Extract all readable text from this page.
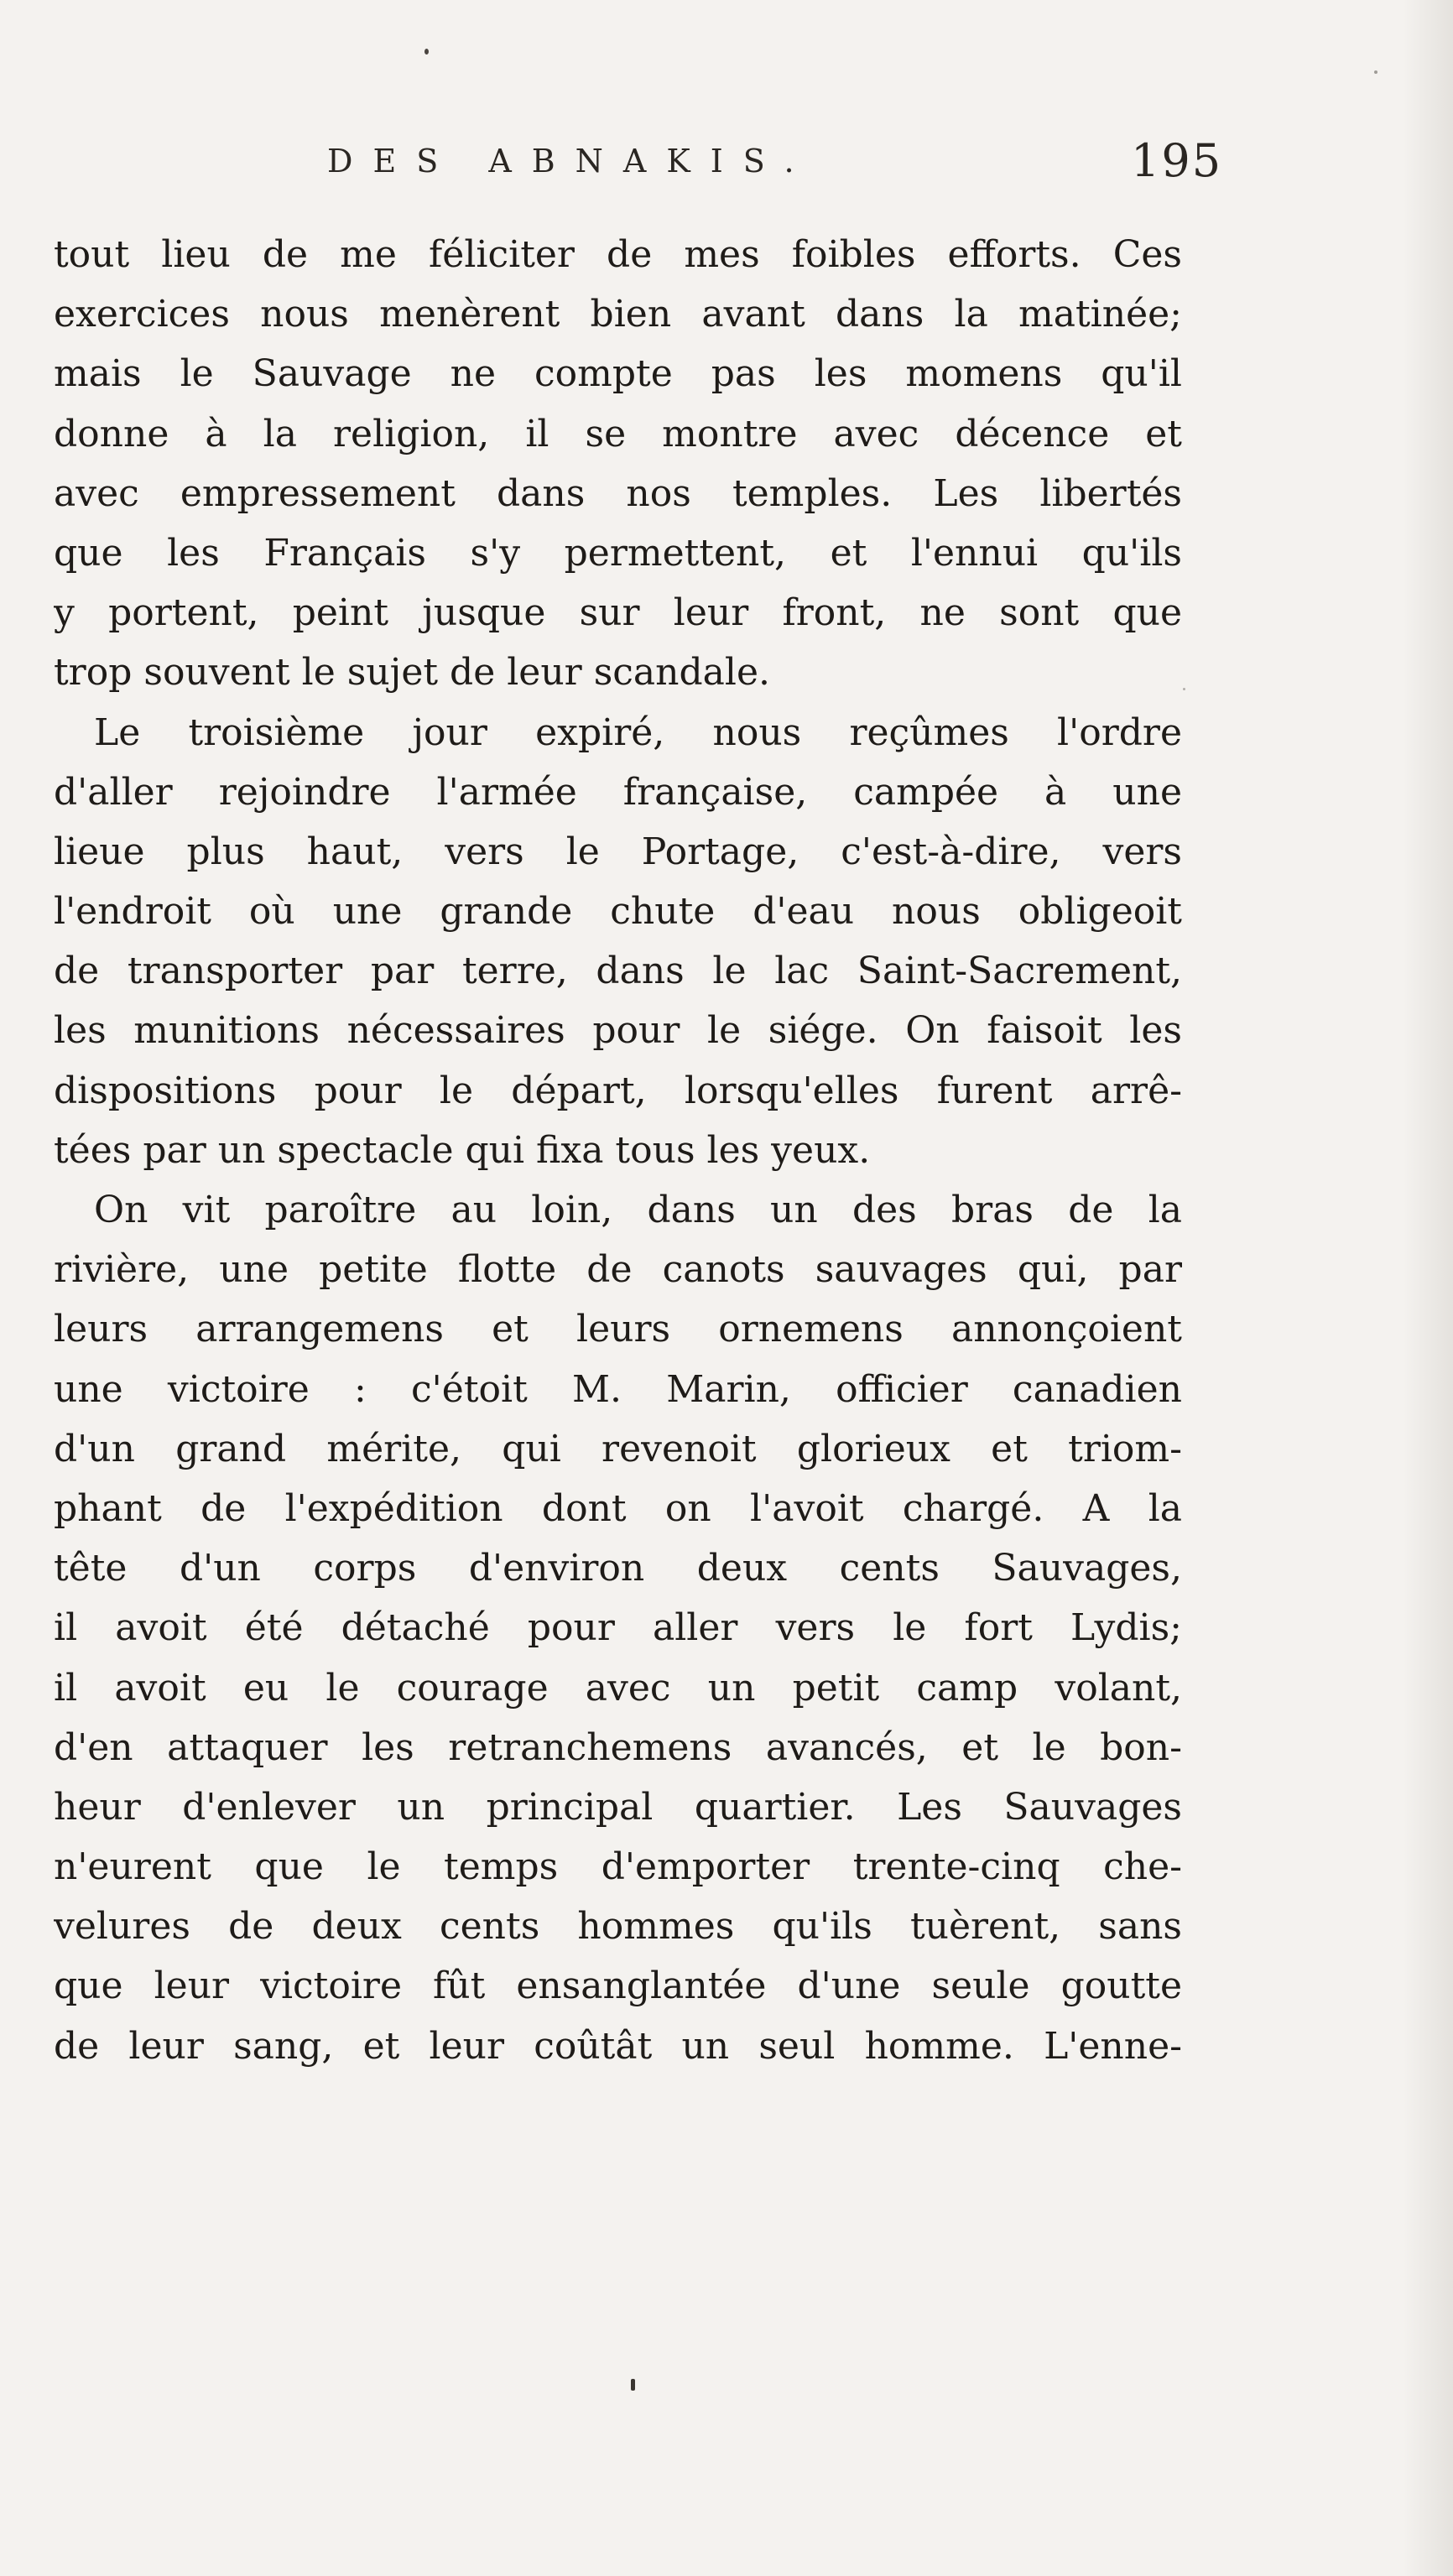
DES ABNAKIS.	195
tout lieu de me féliciter de mes foibles efforts. Ces
exercices nous menèrent bien avant dans la matinée;
mais le Sauvage ne compte pas les momens qu'il
donne à la religion, il se montre avec décence et
avec empressement dans nos temples. Les libertés
que les Français s'y permettent, et l'ennui qu'ils
y portent, peint jusque sur leur front, ne sont que
trop souvent le sujet de leur scandale.
Le troisième jour expiré, nous reçûmes l'ordre
d'aller rejoindre l'armée française, campée à une
lieue plus haut, vers le Portage, c'est-à-dire, vers
l'endroit où une grande chute d'eau nous obligeoit
de transporter par terre, dans le lac Saint-Sacrement,
les munitions nécessaires pour le siége. On faisoit les
dispositions pour le départ, lorsqu'elles furent arrê-
tées par un spectacle qui fixa tous les yeux.
On vit paroître au loin, dans un des bras de la
rivière, une petite flotte de canots sauvages qui, par
leurs arrangemens et leurs ornemens annonçoient
une victoire : c'étoit M. Marin, officier canadien
d'un grand mérite, qui revenoit glorieux et triom-
phant de l'expédition dont on l'avoit chargé. A la
tête d'un corps d'environ deux cents Sauvages,
il avoit été détaché pour aller vers le fort Lydis;
il avoit eu le courage avec un petit camp volant,
d'en attaquer les retranchemens avancés, et le bon-
heur d'enlever un principal quartier. Les Sauvages
n'eurent que le temps d'emporter trente-cinq che-
velures de deux cents hommes qu'ils tuèrent, sans
que leur victoire fût ensanglantée d'une seule goutte
de leur sang, et leur coûtât un seul homme. L'enne-
